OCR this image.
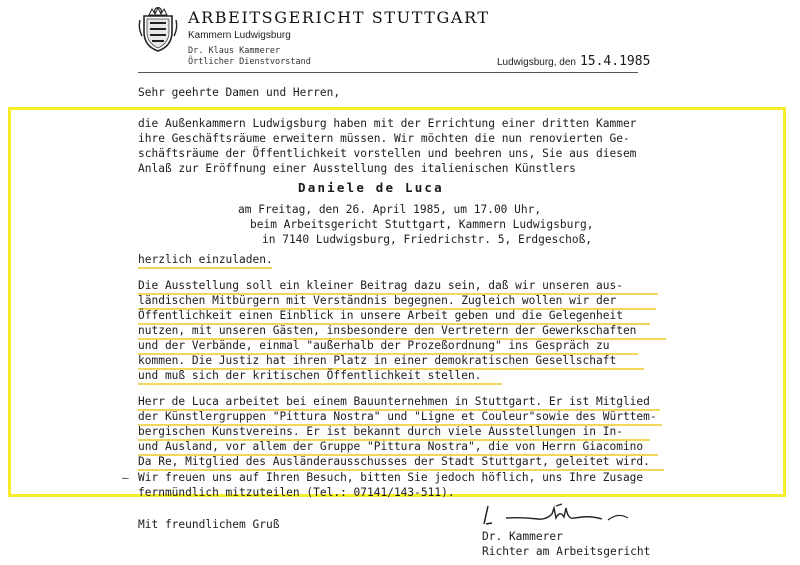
ARBEITSGERICHT STUTTGART
Kammern Ludwigsburg
Dr. Klaus Kammerer
Örtlicher Dienstvorstand	Ludwigsburg, den 15.4.1985
Sehr geehrte Damen und Herren,
die Außenkammern Ludwigsburg haben mit der Errichtung einer dritten Kammer
ihre Geschäftsräume erweitern müssen. Wir möchten die nun renovierten Ge-
schäftsräume der Öffentlichkeit vorstellen und beehren uns, Sie aus diesem
Anlaß zur Eröffnung einer Ausstellung des italienischen Künstlers
Daniele de Luca
am Freitag, den 26. April 1985, um 17.00 Uhr,
beim Arbeitsgericht Stuttgart, Kammern Ludwigsburg,
in 7140 Ludwigsburg, Friedrichstr. 5, Erdgeschoß,
herzlich einzuladen.
Die Ausstellung soll ein kleiner Beitrag dazu sein, daß wir unseren aus-
ländischen Mitbürgern mit Verständnis begegnen. Zugleich wollen wir der
Öffentlichkeit einen Einblick in unsere Arbeit geben und die Gelegenheit
nutzen, mit unseren Gästen, insbesondere den Vertretern der Gewerkschaften
und der Verbände, einmal "außerhalb der Prozeßordnung" ins Gespräch zu
kommen. Die Justiz hat ihren Platz in einer demokratischen Gesellschaft
und muß sich der kritischen Öffentlichkeit stellen.
Herr de Luca arbeitet bei einem Bauunternehmen in Stuttgart. Er ist Mitglied
der Künstlergruppen "Pittura Nostra" und "Ligne et Couleur"sowie des Württem-
bergischen Kunstvereins. Er ist bekannt durch viele Ausstellungen in In-
und Ausland, vor allem der Gruppe "Pittura Nostra", die von Herrn Giacomino
Da Re, Mitglied des Ausländerausschusses der Stadt Stuttgart, geleitet wird.
– Wir freuen uns auf Ihren Besuch, bitten Sie jedoch höflich, uns Ihre Zusage
fernmündlich mitzuteilen (Tel.: 07141/143-511).
Mit freundlichem Gruß
Dr. Kammerer
Richter am Arbeitsgericht
